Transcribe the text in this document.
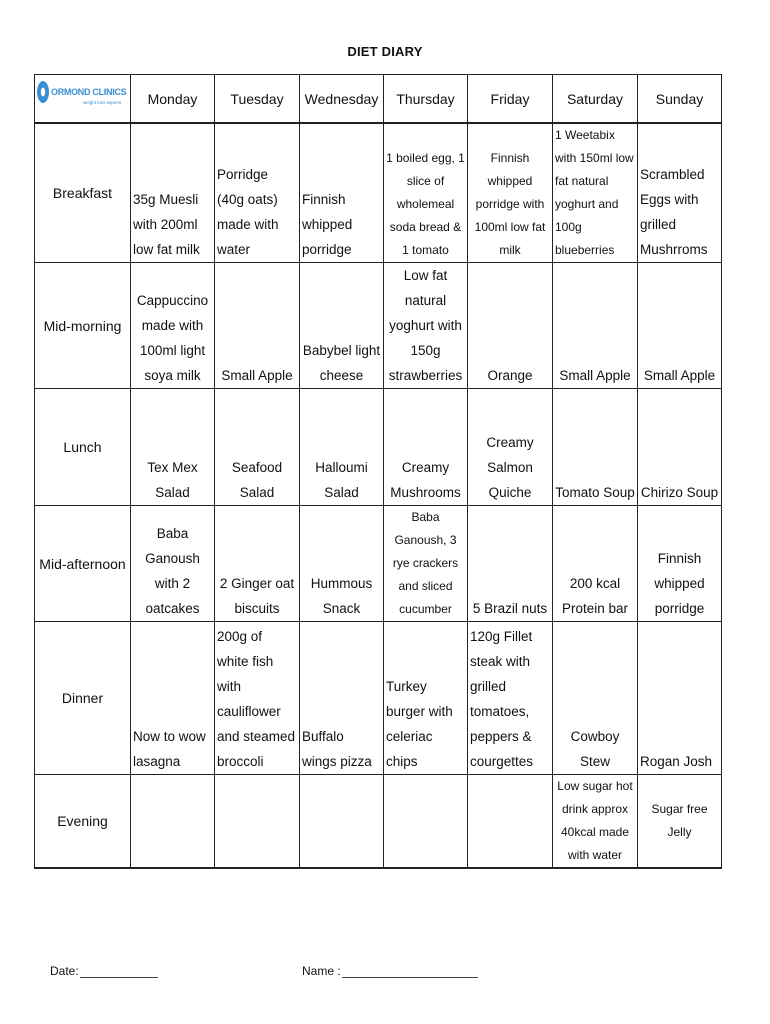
DIET DIARY
	Monday	Tuesday	Wednesday	Thursday	Friday	Saturday	Sunday
Breakfast	35g Muesli with 200ml low fat milk	Porridge (40g oats) made with water	Finnish whipped porridge	1 boiled egg, 1 slice of wholemeal soda bread & 1 tomato	Finnish whipped porridge with 100ml low fat milk	1 Weetabix with 150ml low fat natural yoghurt and 100g blueberries	Scrambled Eggs with grilled Mushrroms
Mid-morning	Cappuccino made with 100ml light soya milk	Small Apple	Babybel light cheese	Low fat natural yoghurt with 150g strawberries	Orange	Small Apple	Small Apple
Lunch	Tex Mex Salad	Seafood Salad	Halloumi Salad	Creamy Mushrooms	Creamy Salmon Quiche	Tomato Soup	Chirizo Soup
Mid-afternoon	Baba Ganoush with 2 oatcakes	2 Ginger oat biscuits	Hummous Snack	Baba Ganoush, 3 rye crackers and sliced cucumber	5 Brazil nuts	200 kcal Protein bar	Finnish whipped porridge
Dinner	Now to wow lasagna	200g of white fish with cauliflower and steamed broccoli	Buffalo wings pizza	Turkey burger with celeriac chips	120g Fillet steak with grilled tomatoes, peppers & courgettes	Cowboy Stew	Rogan Josh
Evening						Low sugar hot drink approx 40kcal made with water	Sugar free Jelly
ORMOND CLINICS
weight loss experts
Date:	Name :
